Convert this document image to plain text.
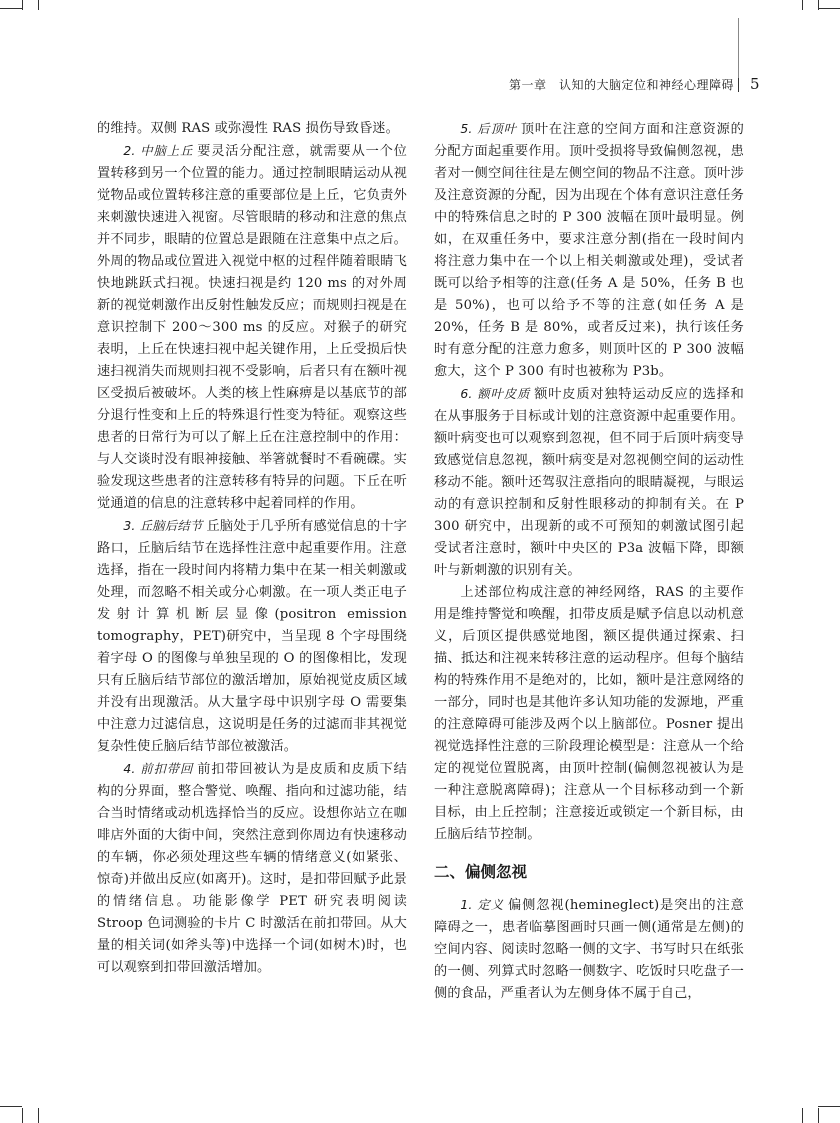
第一章　认知的大脑定位和神经心理障碍 5

的维持。双侧 RAS 或弥漫性 RAS 损伤导致昏迷。

2. 中脑上丘 要灵活分配注意，就需要从一个位置转移到另一个位置的能力。通过控制眼睛运动从视觉物品或位置转移注意的重要部位是上丘，它负责外来刺激快速进入视窗。尽管眼睛的移动和注意的焦点并不同步，眼睛的位置总是跟随在注意集中点之后。外周的物品或位置进入视觉中枢的过程伴随着眼睛飞快地跳跃式扫视。快速扫视是约 120 ms 的对外周新的视觉刺激作出反射性触发反应；而规则扫视是在意识控制下 200～300 ms 的反应。对猴子的研究表明，上丘在快速扫视中起关键作用，上丘受损后快速扫视消失而规则扫视不受影响，后者只有在额叶视区受损后被破坏。人类的核上性麻痹是以基底节的部分退行性变和上丘的特殊退行性变为特征。观察这些患者的日常行为可以了解上丘在注意控制中的作用：与人交谈时没有眼神接触、举箸就餐时不看碗碟。实验发现这些患者的注意转移有特异的问题。下丘在听觉通道的信息的注意转移中起着同样的作用。

3. 丘脑后结节 丘脑处于几乎所有感觉信息的十字路口，丘脑后结节在选择性注意中起重要作用。注意选择，指在一段时间内将精力集中在某一相关刺激或处理，而忽略不相关或分心刺激。在一项人类正电子发射计算机断层显像(positron emission tomography，PET)研究中，当呈现 8 个字母围绕着字母 O 的图像与单独呈现的 O 的图像相比，发现只有丘脑后结节部位的激活增加，原始视觉皮质区域并没有出现激活。从大量字母中识别字母 O 需要集中注意力过滤信息，这说明是任务的过滤而非其视觉复杂性使丘脑后结节部位被激活。

4. 前扣带回 前扣带回被认为是皮质和皮质下结构的分界面，整合警觉、唤醒、指向和过滤功能，结合当时情绪或动机选择恰当的反应。设想你站立在咖啡店外面的大街中间，突然注意到你周边有快速移动的车辆，你必须处理这些车辆的情绪意义(如紧张、惊奇)并做出反应(如离开)。这时，是扣带回赋予此景的情绪信息。功能影像学 PET 研究表明阅读 Stroop 色词测验的卡片 C 时激活在前扣带回。从大量的相关词(如斧头等)中选择一个词(如树木)时，也可以观察到扣带回激活增加。

5. 后顶叶 顶叶在注意的空间方面和注意资源的分配方面起重要作用。顶叶受损将导致偏侧忽视，患者对一侧空间往往是左侧空间的物品不注意。顶叶涉及注意资源的分配，因为出现在个体有意识注意任务中的特殊信息之时的 P 300 波幅在顶叶最明显。例如，在双重任务中，要求注意分割(指在一段时间内将注意力集中在一个以上相关刺激或处理)，受试者既可以给予相等的注意(任务 A 是 50%，任务 B 也是 50%)，也可以给予不等的注意(如任务 A 是 20%，任务 B 是 80%，或者反过来)，执行该任务时有意分配的注意力愈多，则顶叶区的 P 300 波幅愈大，这个 P 300 有时也被称为 P3b。

6. 额叶皮质 额叶皮质对独特运动反应的选择和在从事服务于目标或计划的注意资源中起重要作用。额叶病变也可以观察到忽视，但不同于后顶叶病变导致感觉信息忽视，额叶病变是对忽视侧空间的运动性移动不能。额叶还驾驭注意指向的眼睛凝视，与眼运动的有意识控制和反射性眼移动的抑制有关。在 P 300 研究中，出现新的或不可预知的刺激试图引起受试者注意时，额叶中央区的 P3a 波幅下降，即额叶与新刺激的识别有关。

上述部位构成注意的神经网络，RAS 的主要作用是维持警觉和唤醒，扣带皮质是赋予信息以动机意义，后顶区提供感觉地图，额区提供通过探索、扫描、抵达和注视来转移注意的运动程序。但每个脑结构的特殊作用不是绝对的，比如，额叶是注意网络的一部分，同时也是其他许多认知功能的发源地，严重的注意障碍可能涉及两个以上脑部位。Posner 提出视觉选择性注意的三阶段理论模型是：注意从一个给定的视觉位置脱离，由顶叶控制(偏侧忽视被认为是一种注意脱离障碍)；注意从一个目标移动到一个新目标，由上丘控制；注意接近或锁定一个新目标，由丘脑后结节控制。

二、偏侧忽视

1. 定义 偏侧忽视(hemineglect)是突出的注意障碍之一，患者临摹图画时只画一侧(通常是左侧)的空间内容、阅读时忽略一侧的文字、书写时只在纸张的一侧、列算式时忽略一侧数字、吃饭时只吃盘子一侧的食品，严重者认为左侧身体不属于自己，
